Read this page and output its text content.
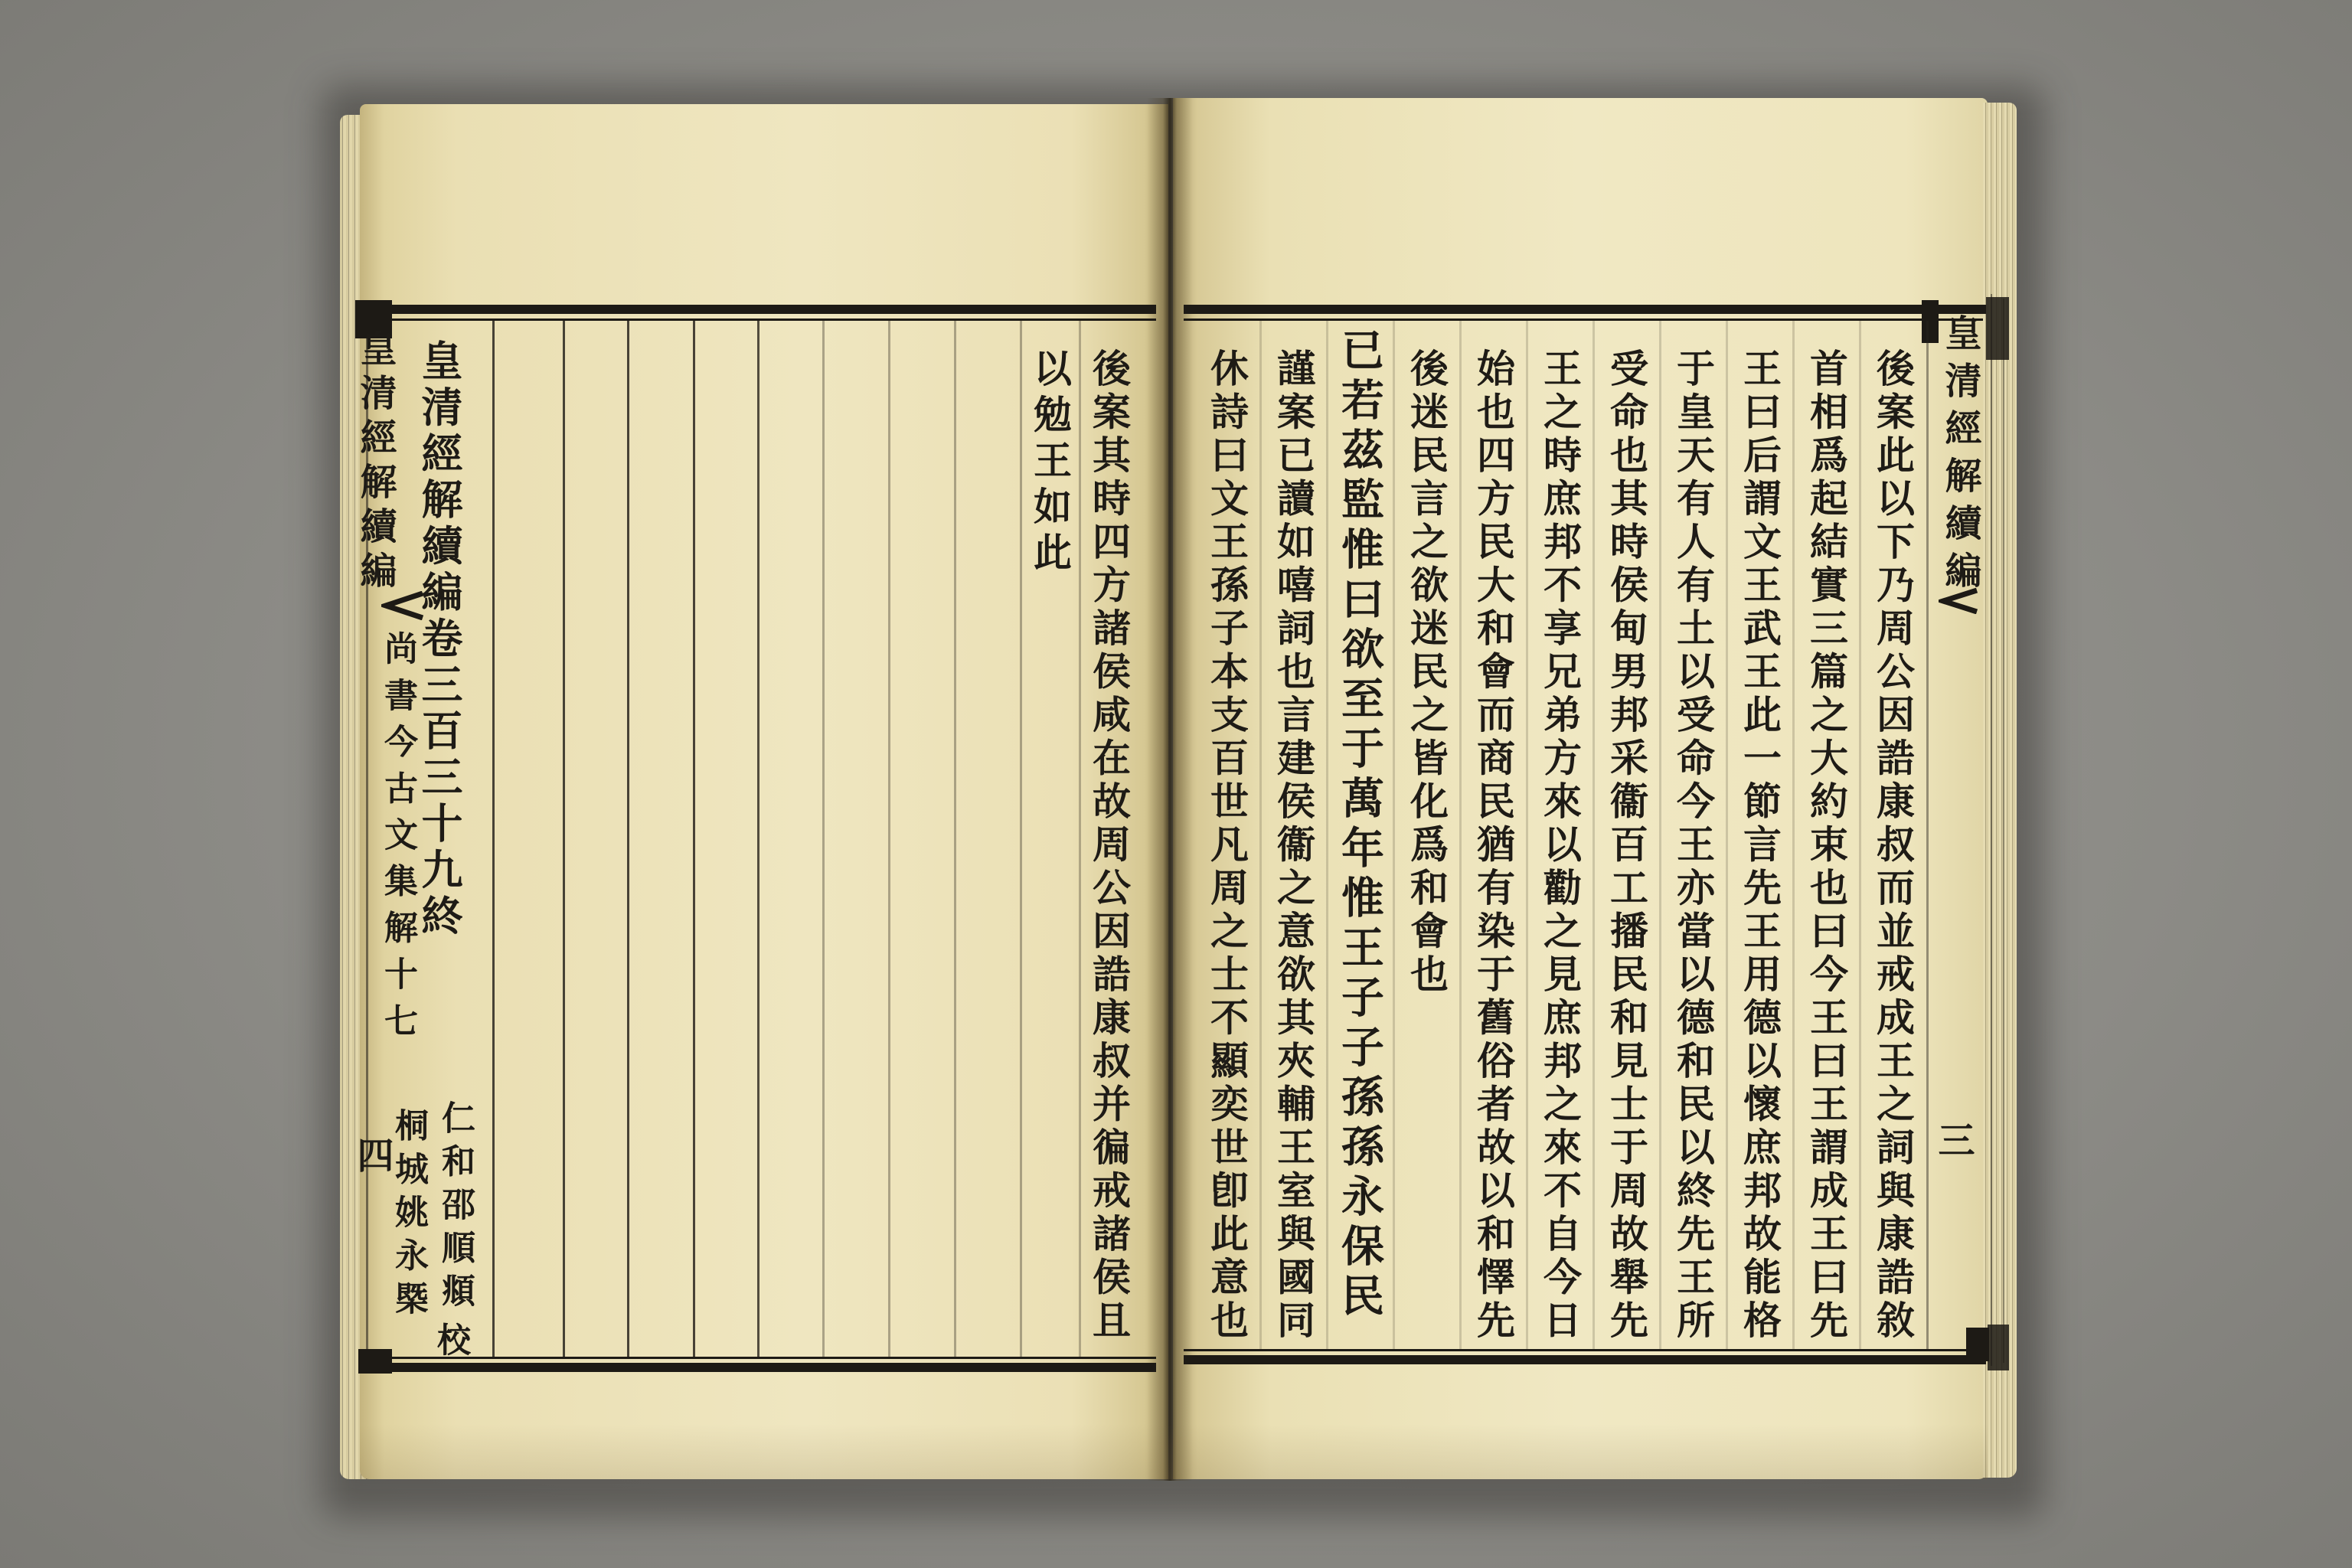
皇清經解續編
尚書今古文集解十七
四
皇清經解續編卷三百三十九終
仁和邵順頫
桐城姚永槩
校
以勉王如此 後案其時四方諸侯咸在故周公因誥康叔并徧戒諸侯且	皇清經解續編
三
後案此以下乃周公因誥康叔而並戒成王之詞與康誥敘
首相爲起結實三篇之大約束也曰今王曰王謂成王曰先
王曰后謂文王武王此一節言先王用德以懷庶邦故能格
于皇天有人有土以受命今王亦當以德和民以終先王所
受命也其時侯甸男邦采衞百工播民和見士于周故舉先
王之時庶邦不享兄弟方來以勸之見庶邦之來不自今日
始也四方民大和會而商民猶有染于舊俗者故以和懌先
後迷民言之欲迷民之皆化爲和會也
已若茲監惟曰欲至于萬年惟王子子孫孫永保民
謹案已讀如嘻詞也言建侯衞之意欲其夾輔王室與國同
休詩曰文王孫子本支百世凡周之士不顯奕世卽此意也
